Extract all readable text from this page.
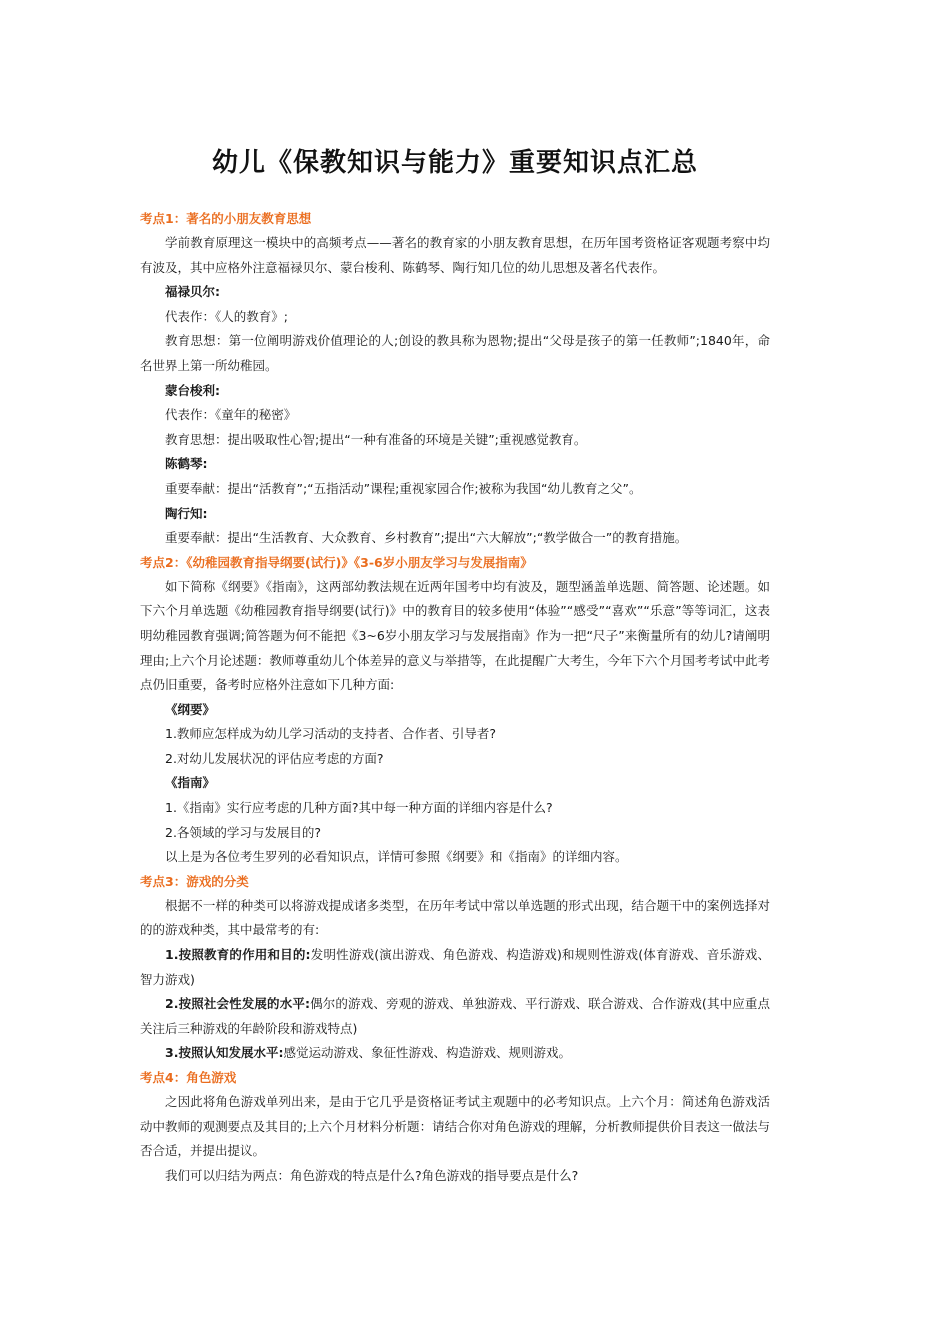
幼儿《保教知识与能力》重要知识点汇总
考点1：著名的小朋友教育思想

学前教育原理这一模块中的高频考点——著名的教育家的小朋友教育思想，在历年国考资格证客观题考察中均有波及，其中应格外注意福禄贝尔、蒙台梭利、陈鹤琴、陶行知几位的幼儿思想及著名代表作。

福禄贝尔:

代表作：《人的教育》;

教育思想：第一位阐明游戏价值理论的人;创设的教具称为恩物;提出“父母是孩子的第一任教师”;1840年，命名世界上第一所幼稚园。

蒙台梭利:

代表作：《童年的秘密》

教育思想：提出吸取性心智;提出“一种有准备的环境是关键”;重视感觉教育。

陈鹤琴:

重要奉献：提出“活教育”;“五指活动”课程;重视家园合作;被称为我国“幼儿教育之父”。

陶行知:

重要奉献：提出“生活教育、大众教育、乡村教育”;提出“六大解放”;“教学做合一”的教育措施。

考点2：《幼稚园教育指导纲要(试行)》《3-6岁小朋友学习与发展指南》

如下简称《纲要》《指南》，这两部幼教法规在近两年国考中均有波及，题型涵盖单选题、简答题、论述题。如下六个月单选题《幼稚园教育指导纲要(试行)》中的教育目的较多使用“体验”“感受”“喜欢”“乐意”等等词汇，这表明幼稚园教育强调;简答题为何不能把《3~6岁小朋友学习与发展指南》作为一把“尺子”来衡量所有的幼儿?请阐明理由;上六个月论述题：教师尊重幼儿个体差异的意义与举措等，在此提醒广大考生，今年下六个月国考考试中此考点仍旧重要，备考时应格外注意如下几种方面:

《纲要》

1.教师应怎样成为幼儿学习活动的支持者、合作者、引导者?

2.对幼儿发展状况的评估应考虑的方面?

《指南》

1.《指南》实行应考虑的几种方面?其中每一种方面的详细内容是什么?

2.各领域的学习与发展目的?

以上是为各位考生罗列的必看知识点，详情可参照《纲要》和《指南》的详细内容。

考点3：游戏的分类

根据不一样的种类可以将游戏提成诸多类型，在历年考试中常以单选题的形式出现，结合题干中的案例选择对的的游戏种类，其中最常考的有:

1.按照教育的作用和目的:发明性游戏(演出游戏、角色游戏、构造游戏)和规则性游戏(体育游戏、音乐游戏、智力游戏)

2.按照社会性发展的水平:偶尔的游戏、旁观的游戏、单独游戏、平行游戏、联合游戏、合作游戏(其中应重点关注后三种游戏的年龄阶段和游戏特点)

3.按照认知发展水平:感觉运动游戏、象征性游戏、构造游戏、规则游戏。

考点4：角色游戏

之因此将角色游戏单列出来，是由于它几乎是资格证考试主观题中的必考知识点。上六个月：简述角色游戏活动中教师的观测要点及其目的;上六个月材料分析题：请结合你对角色游戏的理解，分析教师提供价目表这一做法与否合适，并提出提议。

我们可以归结为两点：角色游戏的特点是什么?角色游戏的指导要点是什么?
